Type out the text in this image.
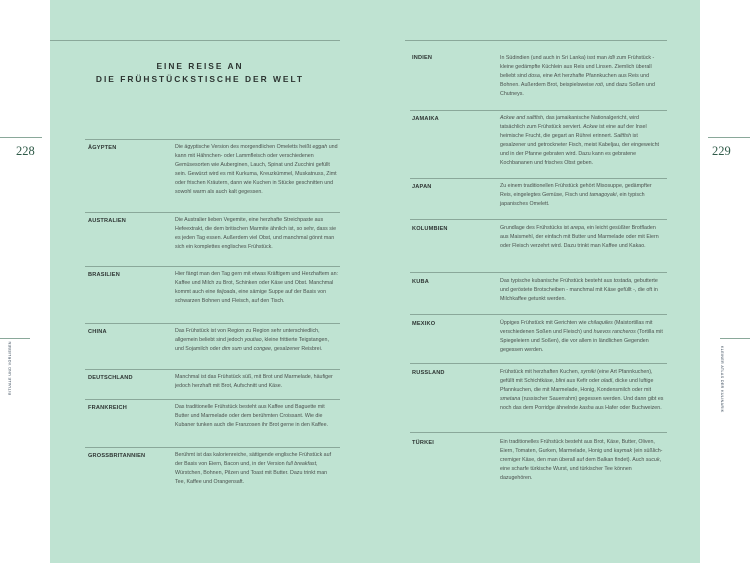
EINE REISE AN
DIE FRÜHSTÜCKSTISCHE DER WELT
228
RITUALE UND VORLIEBEN
ÄGYPTEN	Die ägyptische Version des morgendlichen Omeletts heißt eggah und kann mit Hähnchen- oder Lammfleisch oder verschiedenen Gemüsesorten wie Auberginen, Lauch, Spinat und Zucchini gefüllt sein. Gewürzt wird es mit Kurkuma, Kreuzkümmel, Muskatnuss, Zimt oder frischen Kräutern, dann wie Kuchen in Stücke geschnitten und sowohl warm als auch kalt gegessen.
AUSTRALIEN	Die Australier lieben Vegemite, eine herzhafte Streichpaste aus Hefeextrakt, die dem britischen Marmite ähnlich ist, so sehr, dass sie es jeden Tag essen. Außerdem viel Obst, und manchmal gönnt man sich ein komplettes englisches Frühstück.
BRASILIEN	Hier fängt man den Tag gern mit etwas Kräftigem und Herzhaftem an: Kaffee und Milch zu Brot, Schinken oder Käse und Obst. Manchmal kommt auch eine feijoada, eine sämige Suppe auf der Basis von schwarzen Bohnen und Fleisch, auf den Tisch.
CHINA	Das Frühstück ist von Region zu Region sehr unterschiedlich, allgemein beliebt sind jedoch youtiao, kleine frittierte Teigstangen, und Sojamilch oder dim sum und congee, gesalzener Reisbrei.
DEUTSCHLAND	Manchmal ist das Frühstück süß, mit Brot und Marmelade, häufiger jedoch herzhaft mit Brot, Aufschnitt und Käse.
FRANKREICH	Das traditionelle Frühstück besteht aus Kaffee und Baguette mit Butter und Marmelade oder dem berühmten Croissant. Wie die Kubaner tunken auch die Franzosen ihr Brot gerne in den Kaffee.
GROSSBRITANNIEN	Berühmt ist das kalorienreiche, sättigende englische Frühstück auf der Basis von Eiern, Bacon und, in der Version full breakfast, Würstchen, Bohnen, Pilzen und Toast mit Butter. Dazu trinkt man Tee, Kaffee und Orangensaft.
229
KLEINER ATLAS DER KULINARIK
INDIEN	In Südindien (und auch in Sri Lanka) isst man idli zum Frühstück - kleine gedämpfte Küchlein aus Reis und Linsen. Ziemlich überall beliebt sind dosa, eine Art herzhafte Pfannkuchen aus Reis und Bohnen. Außerdem Brot, beispielsweise roti, und dazu Soßen und Chutneys.
JAMAIKA	Ackee and saltfish, das jamaikanische Nationalgericht, wird tatsächlich zum Frühstück serviert. Ackee ist eine auf der Insel heimische Frucht, die gegart an Rührei erinnert. Saltfish ist gesalzener und getrockneter Fisch, meist Kabeljau, der eingeweicht und in der Pfanne gebraten wird. Dazu kann es gebratene Kochbananen und frisches Obst geben.
JAPAN	Zu einem traditionellen Frühstück gehört Misosuppe, gedämpfter Reis, eingelegtes Gemüse, Fisch und tamagoyaki, ein typisch japanisches Omelett.
KOLUMBIEN	Grundlage des Frühstücks ist arepa, ein leicht gesüßter Brotfladen aus Maismehl, der einfach mit Butter und Marmelade oder mit Eiern oder Fleisch verzehrt wird. Dazu trinkt man Kaffee und Kakao.
KUBA	Das typische kubanische Frühstück besteht aus tostada, gebutterte und geröstete Brotscheiben - manchmal mit Käse gefüllt -, die oft in Milchkaffee getunkt werden.
MEXIKO	Üppiges Frühstück mit Gerichten wie chilaquiles (Maistortillas mit verschiedenen Soßen und Fleisch) und huevos rancheros (Tortilla mit Spiegeleiern und Soßen), die vor allem in ländlichen Gegenden gegessen werden.
RUSSLAND	Frühstück mit herzhaften Kuchen, syrniki (eine Art Pfannkuchen), gefüllt mit Schichtkäse, blini aus Kefir oder oladi, dicke und luftige Pfannkuchen, die mit Marmelade, Honig, Kondensmilch oder mit smetana (russischer Sauerrahm) gegessen werden. Und dann gibt es noch das dem Porridge ähnelnde kasha aus Hafer oder Buchweizen.
TÜRKEI	Ein traditionelles Frühstück besteht aus Brot, Käse, Butter, Oliven, Eiern, Tomaten, Gurken, Marmelade, Honig und kaymak (ein süßlich-cremiger Käse, den man überall auf dem Balkan findet). Auch sucuk, eine scharfe türkische Wurst, und türkischer Tee können dazugehören.
